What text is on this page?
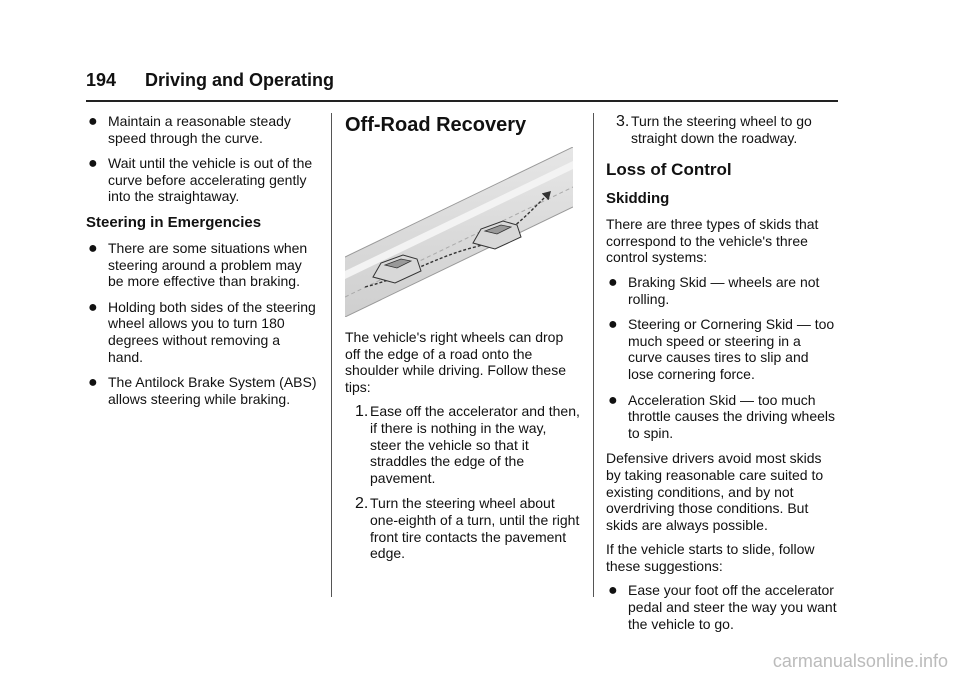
194 Driving and Operating
● Maintain a reasonable steady speed through the curve.

● Wait until the vehicle is out of the curve before accelerating gently into the straightaway.

Steering in Emergencies
● There are some situations when steering around a problem may be more effective than braking.

● Holding both sides of the steering wheel allows you to turn 180 degrees without removing a hand.

● The Antilock Brake System (ABS) allows steering while braking.

Off-Road Recovery

The vehicle's right wheels can drop off the edge of a road onto the shoulder while driving. Follow these tips:

1. Ease off the accelerator and then, if there is nothing in the way, steer the vehicle so that it straddles the edge of the pavement.

2. Turn the steering wheel about one-eighth of a turn, until the right front tire contacts the pavement edge.

3. Turn the steering wheel to go straight down the roadway.

Loss of Control
Skidding

There are three types of skids that correspond to the vehicle's three control systems:

● Braking Skid — wheels are not rolling.

● Steering or Cornering Skid — too much speed or steering in a curve causes tires to slip and lose cornering force.

● Acceleration Skid — too much throttle causes the driving wheels to spin.

Defensive drivers avoid most skids by taking reasonable care suited to existing conditions, and by not overdriving those conditions. But skids are always possible.

If the vehicle starts to slide, follow these suggestions:

● Ease your foot off the accelerator pedal and steer the way you want the vehicle to go.

carmanualsonline.info
